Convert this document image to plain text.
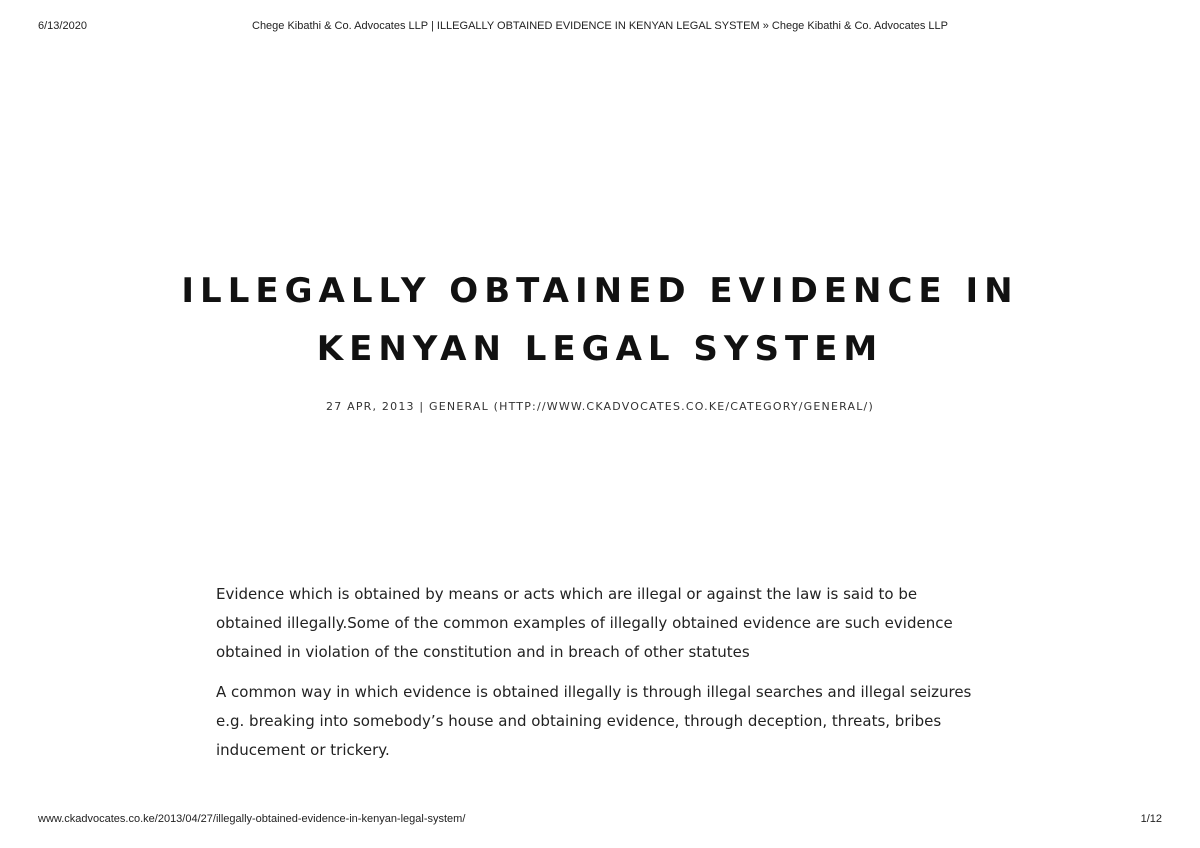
6/13/2020	Chege Kibathi & Co. Advocates LLP | ILLEGALLY OBTAINED EVIDENCE IN KENYAN LEGAL SYSTEM » Chege Kibathi & Co. Advocates LLP
ILLEGALLY OBTAINED EVIDENCE IN
KENYAN LEGAL SYSTEM
27 APR, 2013 | GENERAL (HTTP://WWW.CKADVOCATES.CO.KE/CATEGORY/GENERAL/)

Evidence which is obtained by means or acts which are illegal or against the law is said to be obtained illegally.Some of the common examples of illegally obtained evidence are such evidence obtained in violation of the constitution and in breach of other statutes

A common way in which evidence is obtained illegally is through illegal searches and illegal seizures e.g. breaking into somebody’s house and obtaining evidence, through deception, threats, bribes inducement or trickery.

www.ckadvocates.co.ke/2013/04/27/illegally-obtained-evidence-in-kenyan-legal-system/	1/12
